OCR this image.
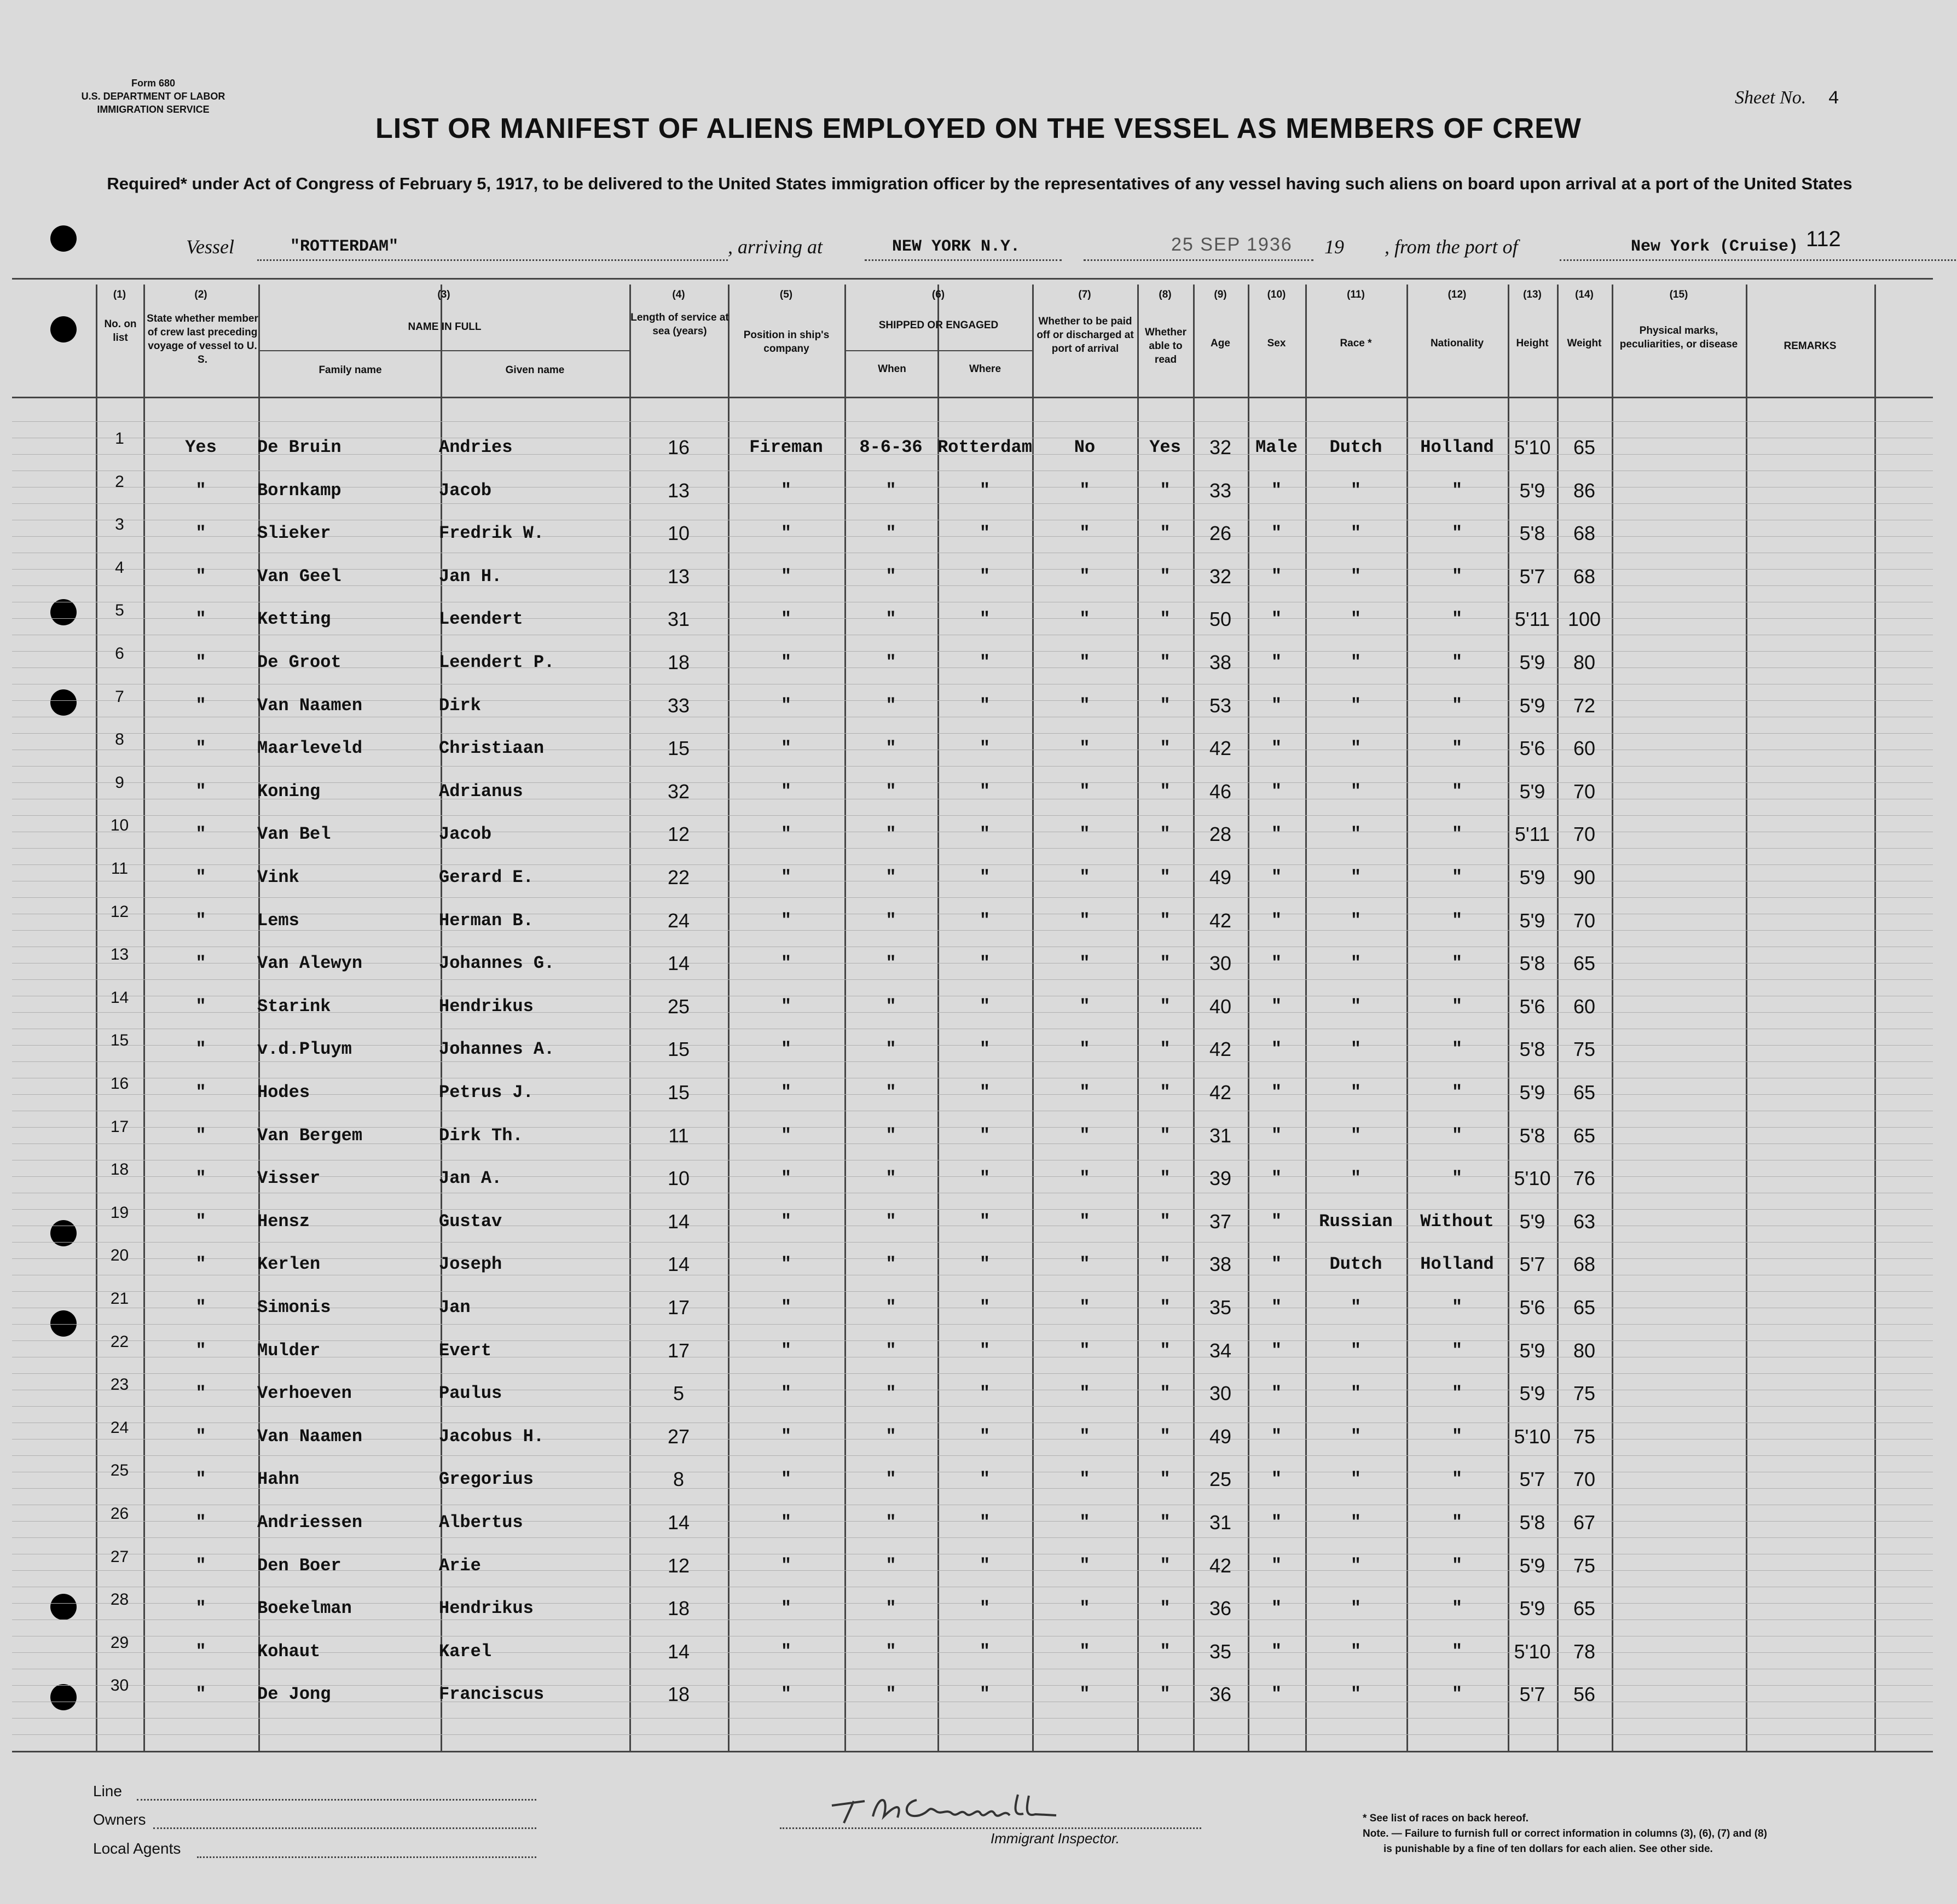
Form 680
U.S. DEPARTMENT OF LABOR
IMMIGRATION SERVICE
Sheet No. 4
LIST OR MANIFEST OF ALIENS EMPLOYED ON THE VESSEL AS MEMBERS OF CREW
Required* under Act of Congress of February 5, 1917, to be delivered to the United States immigration officer by the representatives of any vessel having such aliens on board upon arrival at a port of the United States
Vessel	"ROTTERDAM"	, arriving at	NEW YORK N.Y.	25 SEP 1936 19 , from the port of	New York (Cruise) 112
(1)	(2)	(3)	(4)	(5)	(6)	(7)	(8)	(9)	(10)	(11)	(12)	(13)	(14)	(15)
No. on list
State whether member of crew last preceding voyage of vessel to U. S.
NAME IN FULL
Family name	Given name
Length of service at sea (years)	Position in ship's company
SHIPPED OR ENGAGED
When	Where
Whether to be paid off or discharged at port of arrival
Whether able to read
Age	Sex	Race *	Nationality	Height	Weight
Physical marks, peculiarities, or disease	REMARKS
1	Yes	De Bruin	Andries	16	Fireman	8-6-36 Rotterdam	No	Yes	32	Male	Dutch	Holland	5'10	65
2	"	Bornkamp	Jacob	13	"	"	"	"	"	33	"	"	"	5'9	86
3	"	Slieker	Fredrik W.	10	"	"	"	"	"	26	"	"	"	5'8	68
4	"	Van Geel	Jan H.	13	"	"	"	"	"	32	"	"	"	5'7	68
5	"	Ketting	Leendert	31	"	"	"	"	"	50	"	"	"	5'11 100
6	"	De Groot	Leendert P.	18	"	"	"	"	"	38	"	"	"	5'9	80
7	"	Van Naamen	Dirk	33	"	"	"	"	"	53	"	"	"	5'9	72
8	"	Maarleveld	Christiaan	15	"	"	"	"	"	42	"	"	"	5'6	60
9	"	Koning	Adrianus	32	"	"	"	"	"	46	"	"	"	5'9	70
10	"	Van Bel	Jacob	12	"	"	"	"	"	28	"	"	"	5'11	70
11	"	Vink	Gerard E.	22	"	"	"	"	"	49	"	"	"	5'9	90
12	"	Lems	Herman B.	24	"	"	"	"	"	42	"	"	"	5'9	70
13	"	Van Alewyn	Johannes G.	14	"	"	"	"	"	30	"	"	"	5'8	65
14	"	Starink	Hendrikus	25	"	"	"	"	"	40	"	"	"	5'6	60
15	"	v.d.Pluym	Johannes A.	15	"	"	"	"	"	42	"	"	"	5'8	75
16	"	Hodes	Petrus J.	15	"	"	"	"	"	42	"	"	"	5'9	65
17	"	Van Bergem	Dirk Th.	11	"	"	"	"	"	31	"	"	"	5'8	65
18	"	Visser	Jan A.	10	"	"	"	"	"	39	"	"	"	5'10	76
19	"	Hensz	Gustav	14	"	"	"	"	"	37	"	Russian	Without	5'9	63
20	"	Kerlen	Joseph	14	"	"	"	"	"	38	"	Dutch	Holland	5'7	68
21	"	Simonis	Jan	17	"	"	"	"	"	35	"	"	"	5'6	65
22	"	Mulder	Evert	17	"	"	"	"	"	34	"	"	"	5'9	80
23	"	Verhoeven	Paulus	5	"	"	"	"	"	30	"	"	"	5'9	75
24	"	Van Naamen	Jacobus H.	27	"	"	"	"	"	49	"	"	"	5'10	75
25	"	Hahn	Gregorius	8	"	"	"	"	"	25	"	"	"	5'7	70
26	"	Andriessen	Albertus	14	"	"	"	"	"	31	"	"	"	5'8	67
27	"	Den Boer	Arie	12	"	"	"	"	"	42	"	"	"	5'9	75
28	"	Boekelman	Hendrikus	18	"	"	"	"	"	36	"	"	"	5'9	65
29	"	Kohaut	Karel	14	"	"	"	"	"	35	"	"	"	5'10	78
30	"	De Jong	Franciscus	18	"	"	"	"	"	36	"	"	"	5'7	56
Line
Owners
Local Agents
Immigrant Inspector.
* See list of races on back hereof.
Note. — Failure to furnish full or correct information in columns (3), (6), (7) and (8)
is punishable by a fine of ten dollars for each alien. See other side.
